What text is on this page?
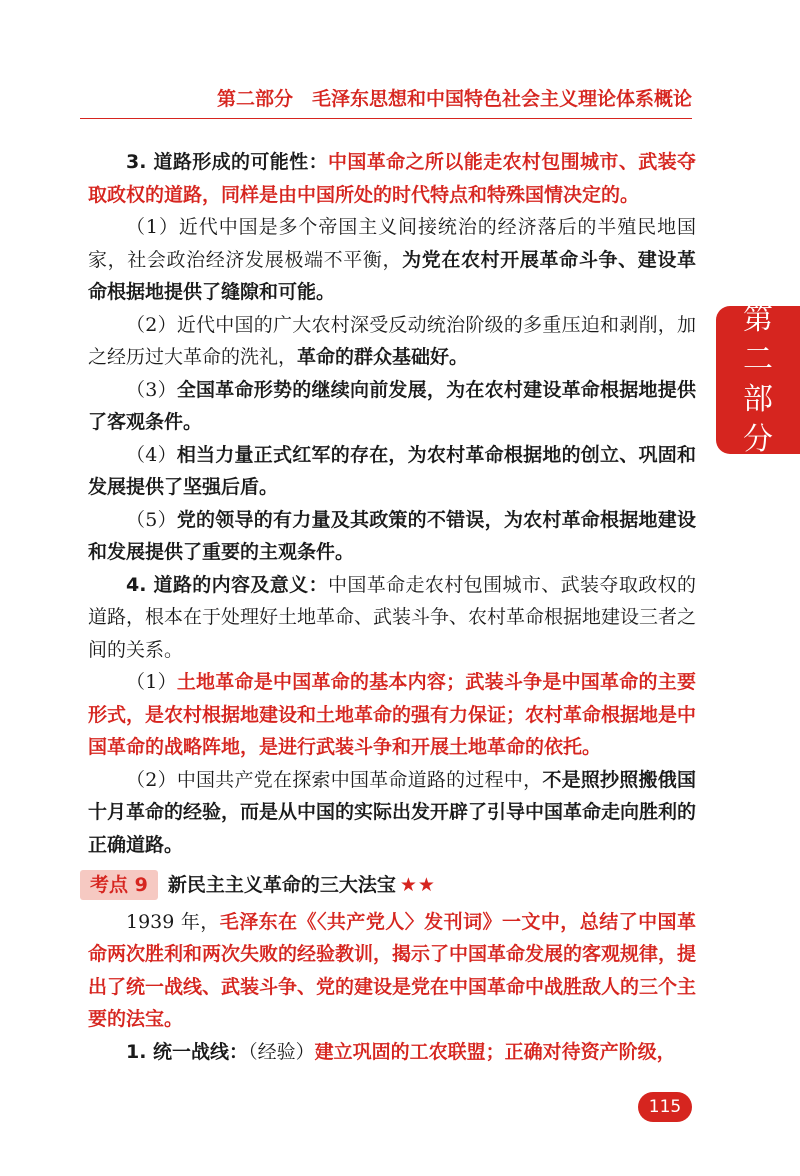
第二部分　毛泽东思想和中国特色社会主义理论体系概论
第
二
部
分

3. 道路形成的可能性：中国革命之所以能走农村包围城市、武装夺取政权的道路，同样是由中国所处的时代特点和特殊国情决定的。

（1）近代中国是多个帝国主义间接统治的经济落后的半殖民地国家，社会政治经济发展极端不平衡，为党在农村开展革命斗争、建设革命根据地提供了缝隙和可能。

（2）近代中国的广大农村深受反动统治阶级的多重压迫和剥削，加之经历过大革命的洗礼，革命的群众基础好。

（3）全国革命形势的继续向前发展，为在农村建设革命根据地提供了客观条件。

（4）相当力量正式红军的存在，为农村革命根据地的创立、巩固和发展提供了坚强后盾。

（5）党的领导的有力量及其政策的不错误，为农村革命根据地建设和发展提供了重要的主观条件。

4. 道路的内容及意义：中国革命走农村包围城市、武装夺取政权的道路，根本在于处理好土地革命、武装斗争、农村革命根据地建设三者之间的关系。

（1）土地革命是中国革命的基本内容；武装斗争是中国革命的主要形式，是农村根据地建设和土地革命的强有力保证；农村革命根据地是中国革命的战略阵地，是进行武装斗争和开展土地革命的依托。

（2）中国共产党在探索中国革命道路的过程中，不是照抄照搬俄国十月革命的经验，而是从中国的实际出发开辟了引导中国革命走向胜利的正确道路。

考点 9	新民主主义革命的三大法宝 ★★

1939 年，毛泽东在《〈共产党人〉发刊词》一文中，总结了中国革命两次胜利和两次失败的经验教训，揭示了中国革命发展的客观规律，提出了统一战线、武装斗争、党的建设是党在中国革命中战胜敌人的三个主要的法宝。

1. 统一战线：（经验）建立巩固的工农联盟；正确对待资产阶级，

115
